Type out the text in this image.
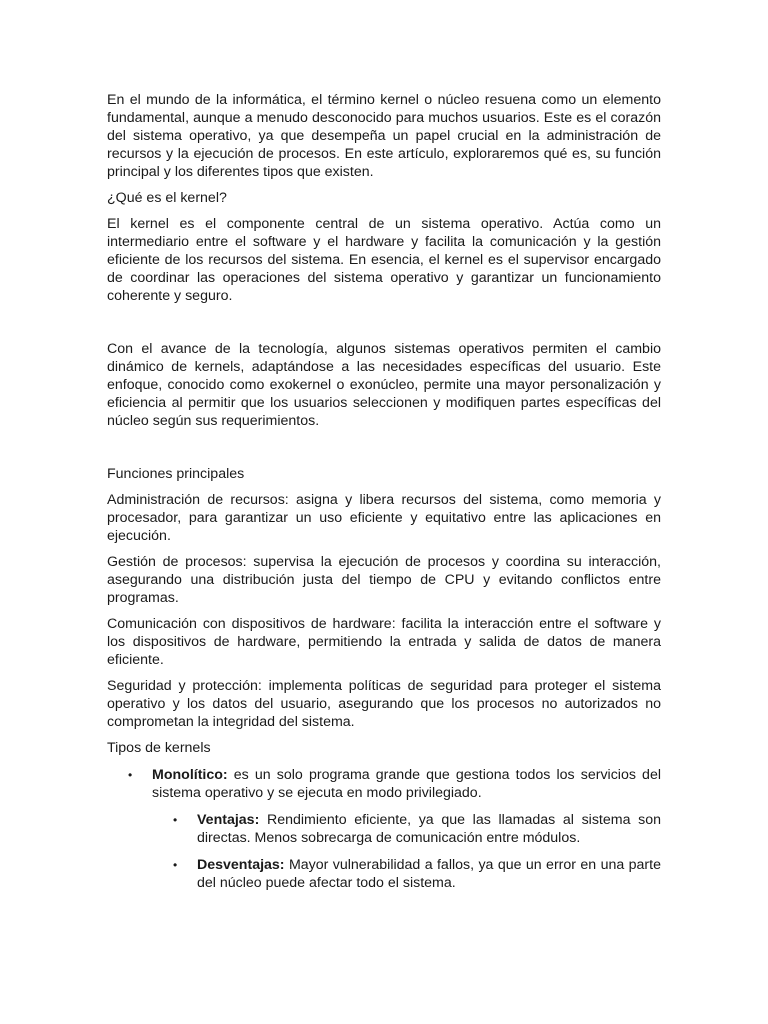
En el mundo de la informática, el término kernel o núcleo resuena como un elemento fundamental, aunque a menudo desconocido para muchos usuarios. Este es el corazón del sistema operativo, ya que desempeña un papel crucial en la administración de recursos y la ejecución de procesos. En este artículo, exploraremos qué es, su función principal y los diferentes tipos que existen.

¿Qué es el kernel?

El kernel es el componente central de un sistema operativo. Actúa como un intermediario entre el software y el hardware y facilita la comunicación y la gestión eficiente de los recursos del sistema. En esencia, el kernel es el supervisor encargado de coordinar las operaciones del sistema operativo y garantizar un funcionamiento coherente y seguro.

Con el avance de la tecnología, algunos sistemas operativos permiten el cambio dinámico de kernels, adaptándose a las necesidades específicas del usuario. Este enfoque, conocido como exokernel o exonúcleo, permite una mayor personalización y eficiencia al permitir que los usuarios seleccionen y modifiquen partes específicas del núcleo según sus requerimientos.

Funciones principales

Administración de recursos: asigna y libera recursos del sistema, como memoria y procesador, para garantizar un uso eficiente y equitativo entre las aplicaciones en ejecución.

Gestión de procesos: supervisa la ejecución de procesos y coordina su interacción, asegurando una distribución justa del tiempo de CPU y evitando conflictos entre programas.

Comunicación con dispositivos de hardware: facilita la interacción entre el software y los dispositivos de hardware, permitiendo la entrada y salida de datos de manera eficiente.

Seguridad y protección: implementa políticas de seguridad para proteger el sistema operativo y los datos del usuario, asegurando que los procesos no autorizados no comprometan la integridad del sistema.

Tipos de kernels

• Monolítico: es un solo programa grande que gestiona todos los servicios del sistema operativo y se ejecuta en modo privilegiado.
• Ventajas: Rendimiento eficiente, ya que las llamadas al sistema son directas. Menos sobrecarga de comunicación entre módulos.
• Desventajas: Mayor vulnerabilidad a fallos, ya que un error en una parte del núcleo puede afectar todo el sistema.
